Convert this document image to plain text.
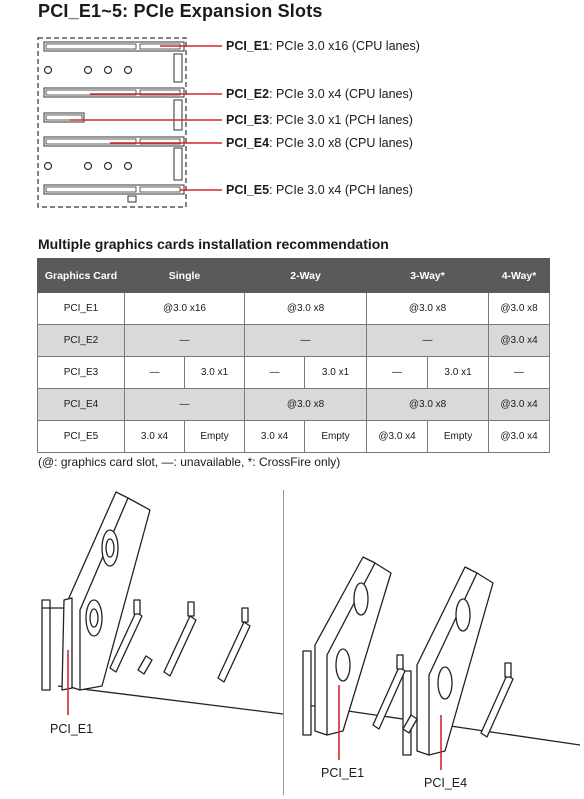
PCI_E1~5: PCIe Expansion Slots
PCI_E1: PCIe 3.0 x16 (CPU lanes)
PCI_E2: PCIe 3.0 x4 (CPU lanes)
PCI_E3: PCIe 3.0 x1 (PCH lanes)
PCI_E4: PCIe 3.0 x8 (CPU lanes)
PCI_E5: PCIe 3.0 x4 (PCH lanes)
Multiple graphics cards installation recommendation
Graphics Card	Single		2-Way		3-Way*		4-Way*
PCI_E1	@3.0 x16		@3.0 x8		@3.0 x8		@3.0 x8
PCI_E2	—		—		—		@3.0 x4
PCI_E3	—	3.0 x1	—	3.0 x1	—	3.0 x1	—
PCI_E4	—		@3.0 x8		@3.0 x8		@3.0 x4
PCI_E5	3.0 x4	Empty	3.0 x4	Empty	@3.0 x4	Empty	@3.0 x4
(@: graphics card slot, —: unavailable, *: CrossFire only)
PCI_E1
PCI_E1
PCI_E4
